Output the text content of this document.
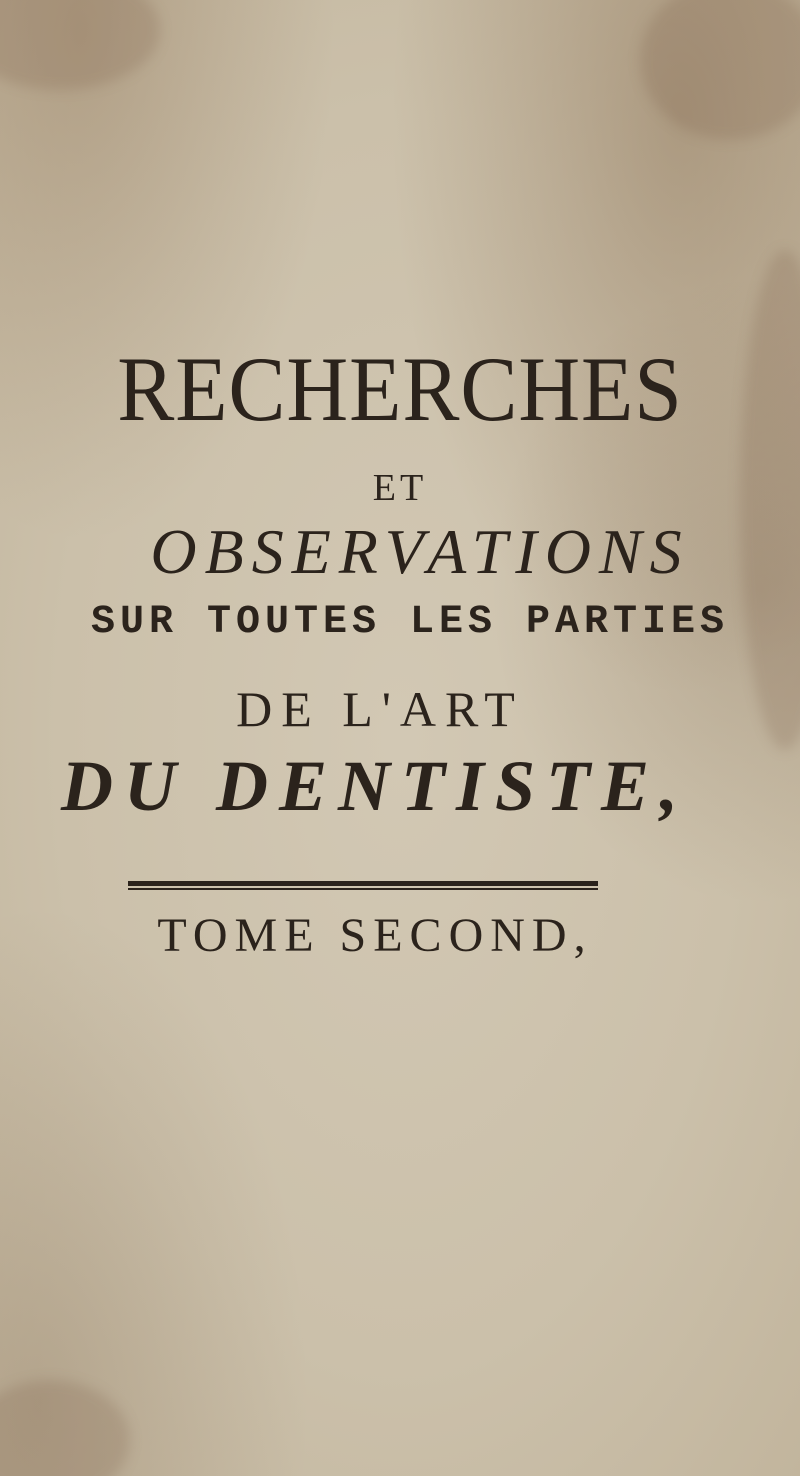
RECHERCHES
ET
OBSERVATIONS
SUR TOUTES LES PARTIES
DE L'ART
DU DENTISTE,
TOME SECOND,
